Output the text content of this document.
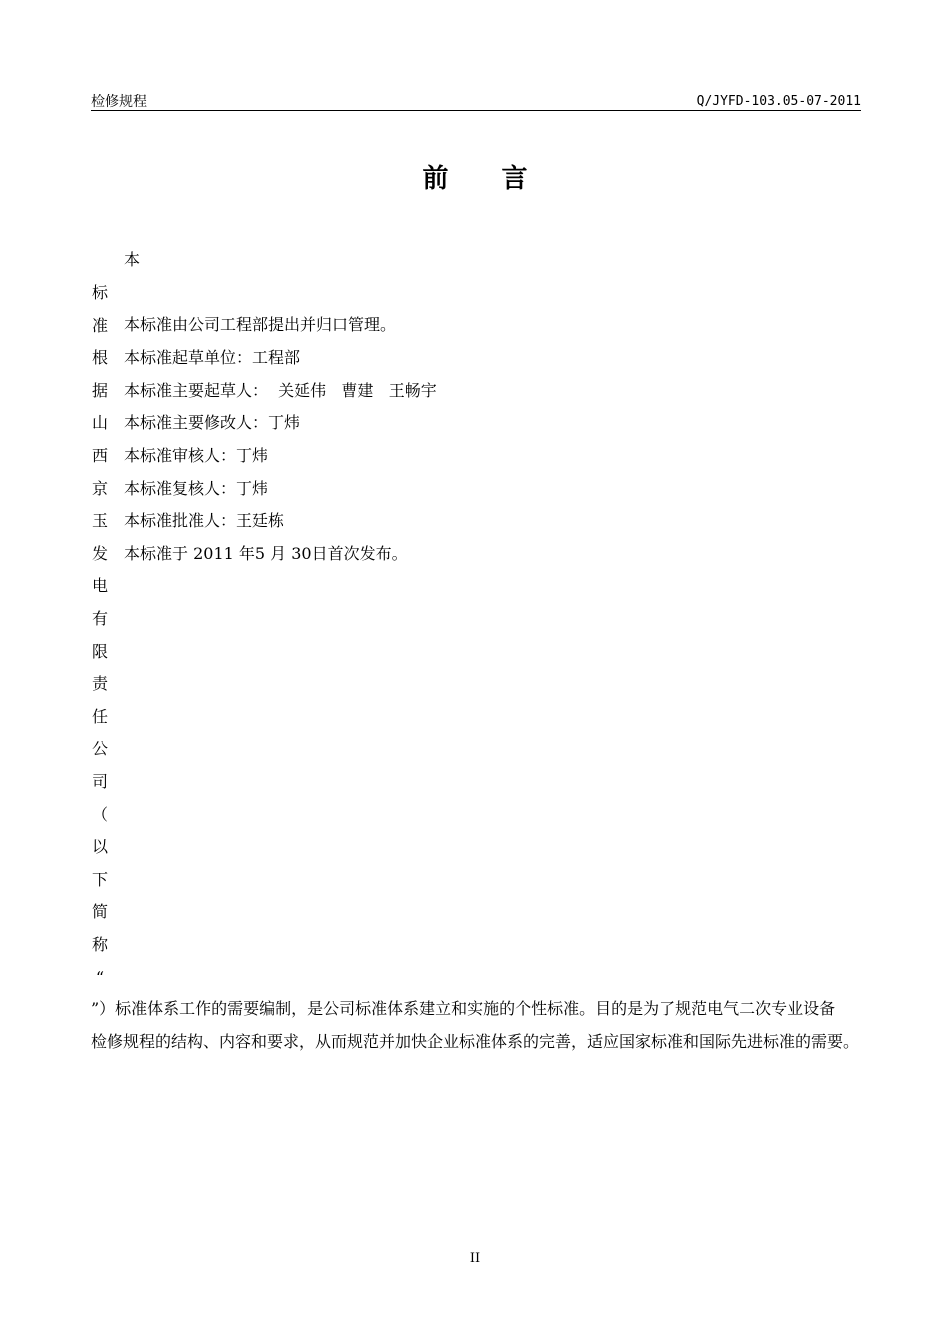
检修规程	Q/JYFD-103.05-07-2011
前 言
本
标
准
根
据
山
西
京
玉
发
电
有
限
责
任
公
司
（
以
下
简
称
“
本标准由公司工程部提出并归口管理。
本标准起草单位：工程部
本标准主要起草人：  关延伟   曹建   王畅宇
本标准主要修改人：丁炜
本标准审核人：丁炜
本标准复核人：丁炜
本标准批准人：王廷栋
本标准于 2011 年5 月 30日首次发布。
”）标准体系工作的需要编制，是公司标准体系建立和实施的个性标准。目的是为了规范电气二次专业设备
检修规程的结构、内容和要求，从而规范并加快企业标准体系的完善，适应国家标准和国际先进标准的需要。
II
